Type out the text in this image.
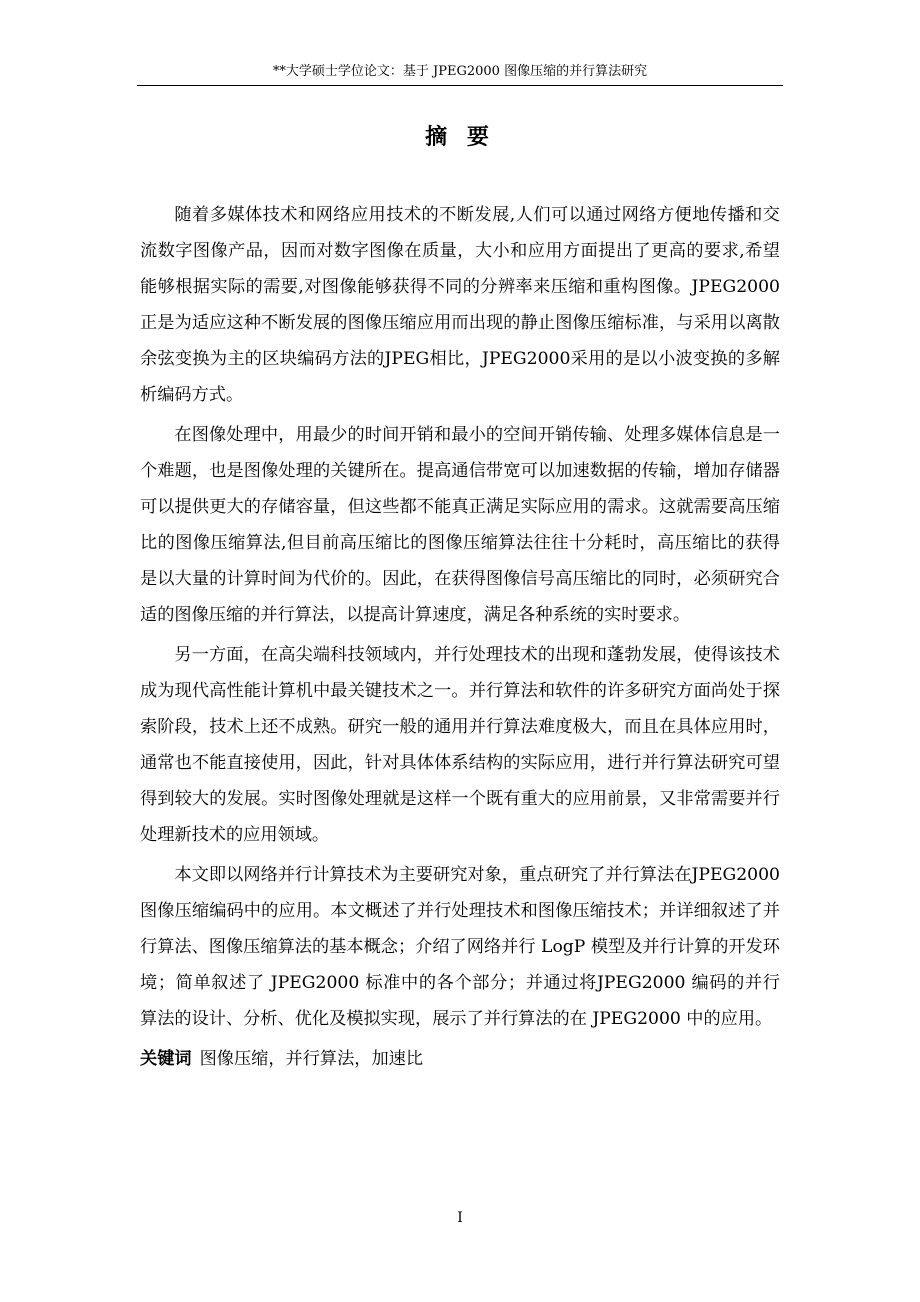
**大学硕士学位论文：基于 JPEG2000 图像压缩的并行算法研究
摘 要

随着多媒体技术和网络应用技术的不断发展,人们可以通过网络方便地传播和交流数字图像产品，因而对数字图像在质量，大小和应用方面提出了更高的要求,希望能够根据实际的需要,对图像能够获得不同的分辨率来压缩和重构图像。JPEG2000正是为适应这种不断发展的图像压缩应用而出现的静止图像压缩标准，与采用以离散余弦变换为主的区块编码方法的JPEG相比，JPEG2000采用的是以小波变换的多解析编码方式。

在图像处理中，用最少的时间开销和最小的空间开销传输、处理多媒体信息是一个难题，也是图像处理的关键所在。提高通信带宽可以加速数据的传输，增加存储器可以提供更大的存储容量，但这些都不能真正满足实际应用的需求。这就需要高压缩比的图像压缩算法,但目前高压缩比的图像压缩算法往往十分耗时，高压缩比的获得是以大量的计算时间为代价的。因此，在获得图像信号高压缩比的同时，必须研究合适的图像压缩的并行算法，以提高计算速度，满足各种系统的实时要求。

另一方面，在高尖端科技领域内，并行处理技术的出现和蓬勃发展，使得该技术成为现代高性能计算机中最关键技术之一。并行算法和软件的许多研究方面尚处于探索阶段，技术上还不成熟。研究一般的通用并行算法难度极大，而且在具体应用时，通常也不能直接使用，因此，针对具体体系结构的实际应用，进行并行算法研究可望得到较大的发展。实时图像处理就是这样一个既有重大的应用前景，又非常需要并行处理新技术的应用领域。

本文即以网络并行计算技术为主要研究对象，重点研究了并行算法在JPEG2000 图像压缩编码中的应用。本文概述了并行处理技术和图像压缩技术；并详细叙述了并行算法、图像压缩算法的基本概念；介绍了网络并行 LogP 模型及并行计算的开发环境；简单叙述了 JPEG2000 标准中的各个部分；并通过将JPEG2000 编码的并行算法的设计、分析、优化及模拟实现，展示了并行算法的在 JPEG2000 中的应用。

关键词 图像压缩，并行算法，加速比

I
